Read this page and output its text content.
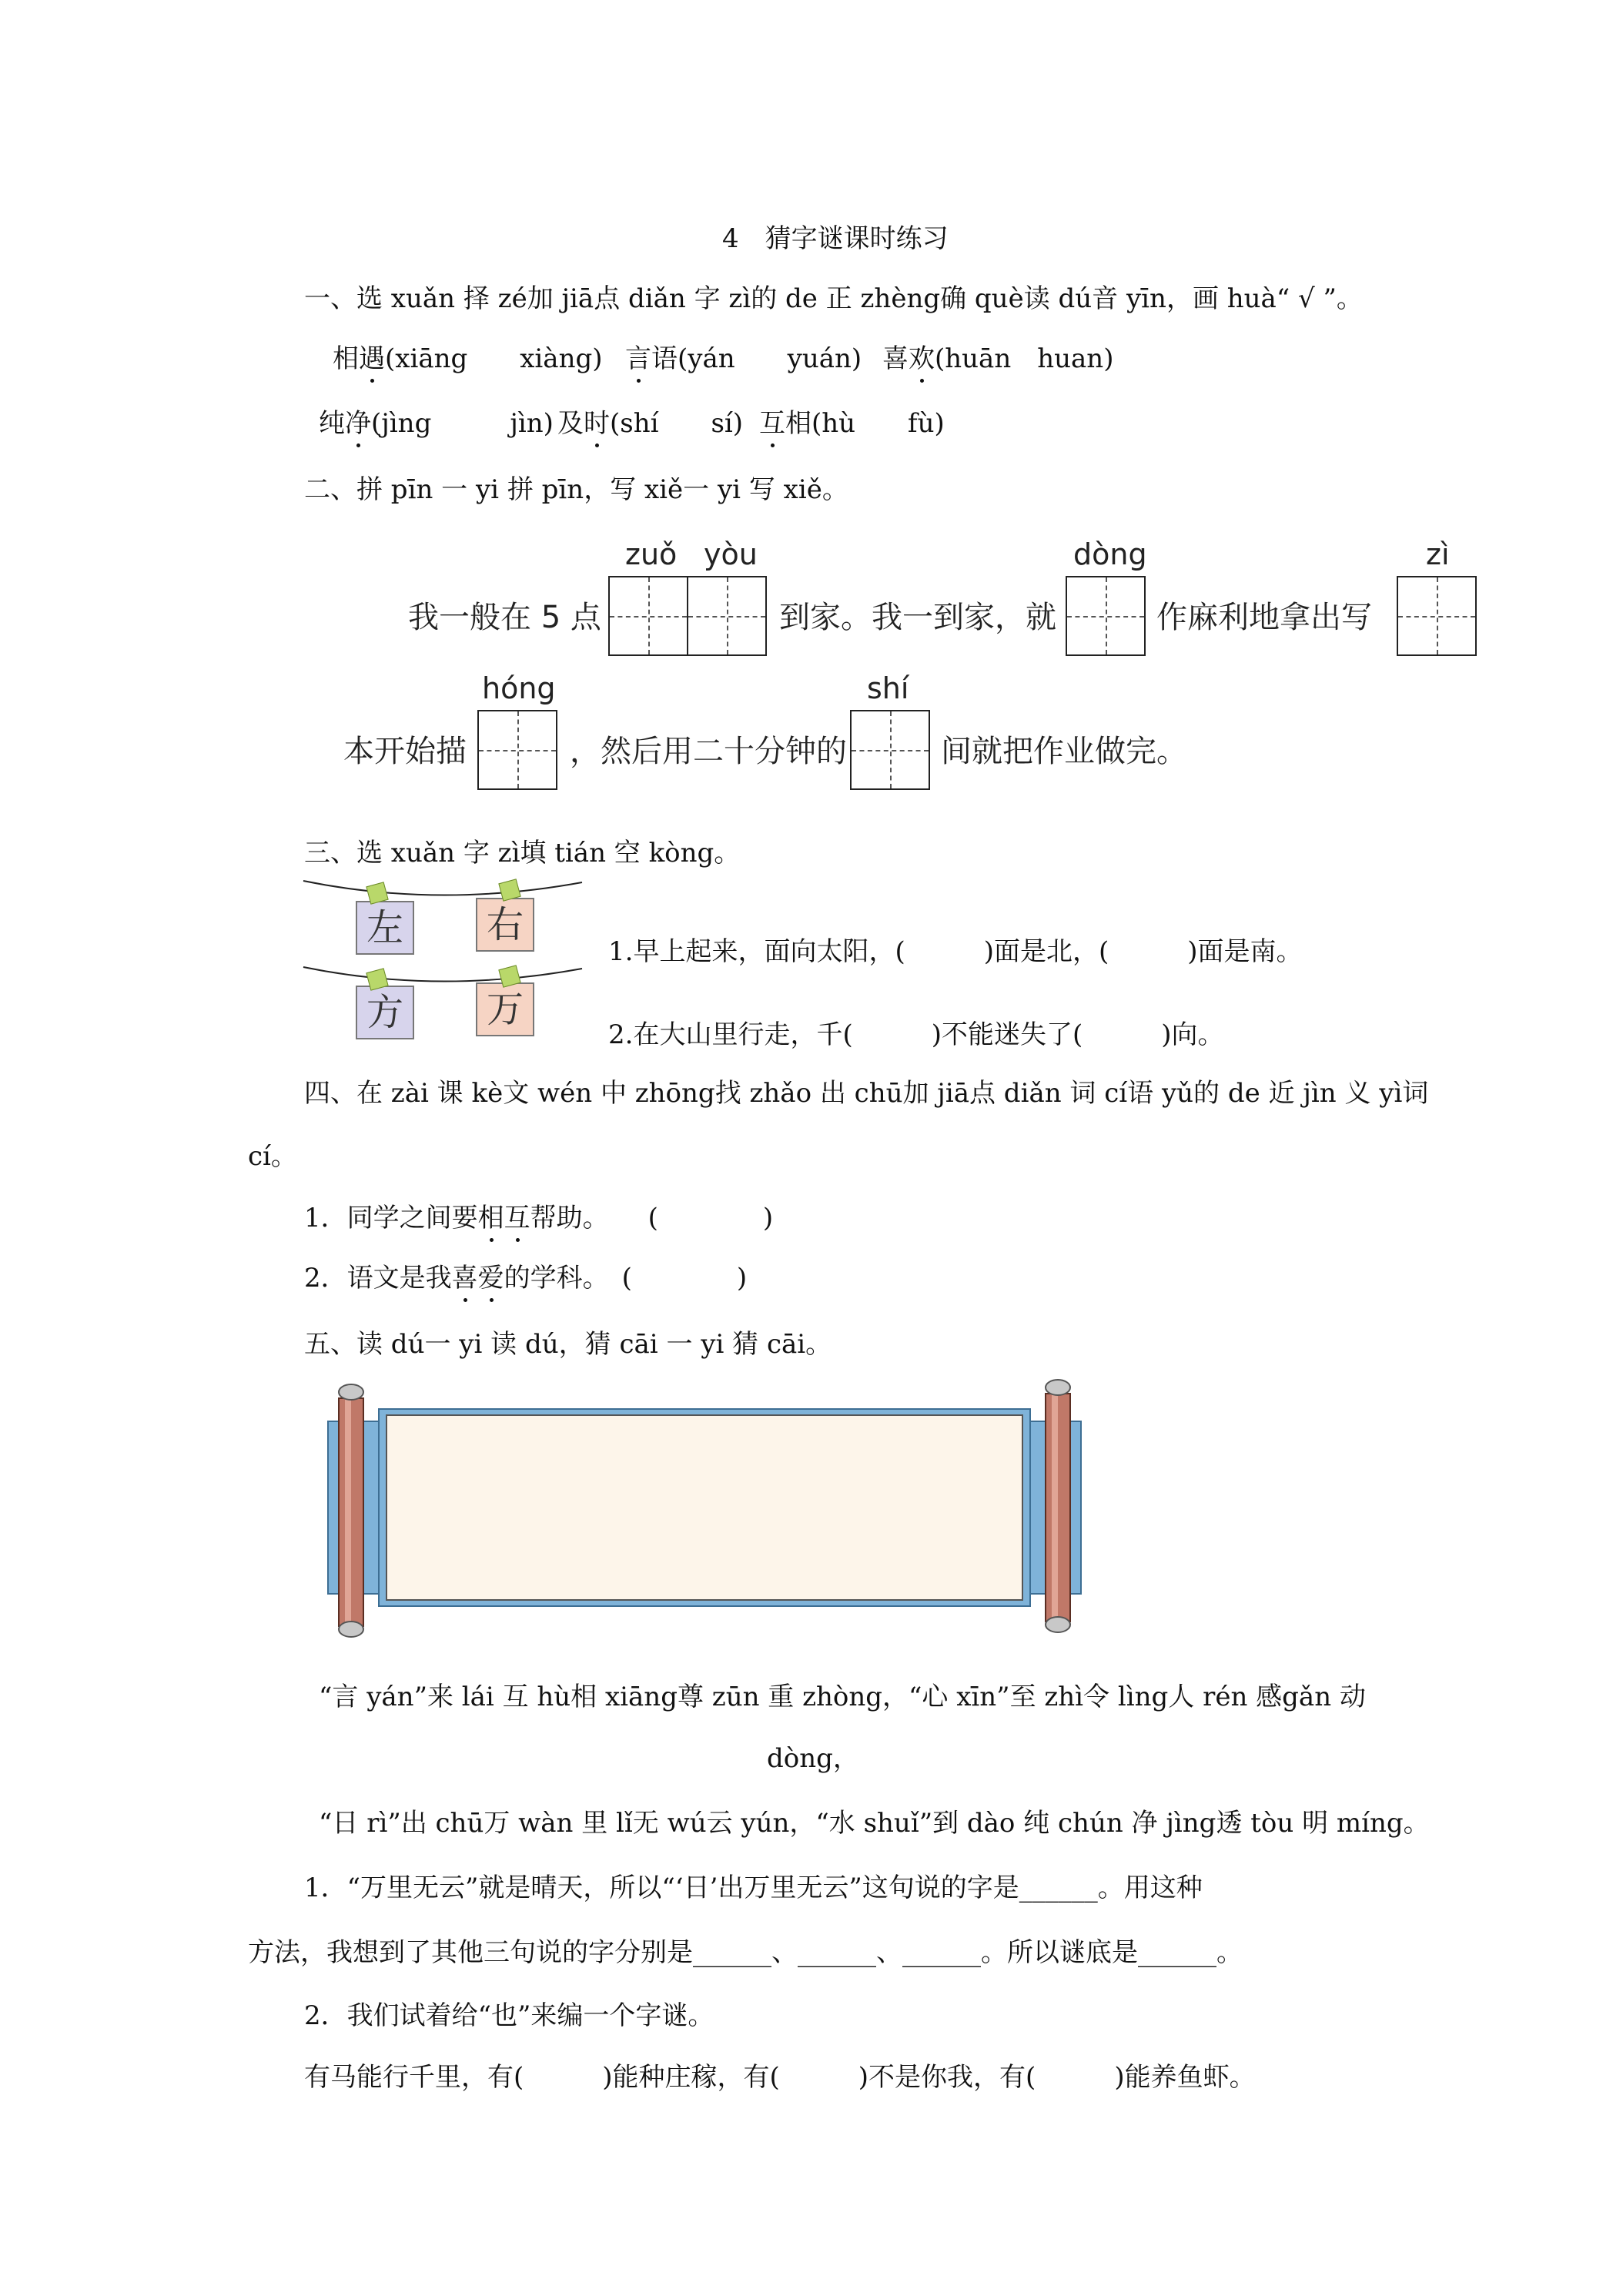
4　猜字谜课时练习
一、选 xuǎn 择 zé加 jiā点 diǎn 字 zì的 de 正 zhèng确 què读 dú音 yīn，画 huà“ √ ”。
相遇(xiāng　　xiàng) 言语(yán　　yuán) 喜欢(huān　huan)
纯净(jìng　　　jìn) 及时(shí　　sí) 互相(hù　　fù)
二、拼 pīn 一 yi 拼 pīn，写 xiě一 yi 写 xiě。
zuǒ yòu	dòng	zì
我一般在 5 点	到家。我一到家，就	作麻利地拿出写
hóng	shí
本开始描	，然后用二十分钟的	间就把作业做完。
三、选 xuǎn 字 zì填 tián 空 kòng。
左 右
方 万
1.早上起来，面向太阳，(　　　)面是北，(　　　)面是南。
2.在大山里行走，千(　　　)不能迷失了(　　　)向。
四、在 zài 课 kè文 wén 中 zhōng找 zhǎo 出 chū加 jiā点 diǎn 词 cí语 yǔ的 de 近 jìn 义 yì词
cí。
1．同学之间要相互帮助。　　(　　　　)
2．语文是我喜爱的学科。　(　　　　)
五、读 dú一 yi 读 dú，猜 cāi 一 yi 猜 cāi。
“言 yán”来 lái 互 hù相 xiāng尊 zūn 重 zhòng，“心 xīn”至 zhì令 lìng人 rén 感gǎn 动
dòng，
“日 rì”出 chū万 wàn 里 lǐ无 wú云 yún，“水 shuǐ”到 dào 纯 chún 净 jìng透 tòu 明 míng。
1．“万里无云”就是晴天，所以“‘日’出万里无云”这句说的字是______。用这种
方法，我想到了其他三句说的字分别是______、______、______。所以谜底是______。
2．我们试着给“也”来编一个字谜。
有马能行千里，有(　　　)能种庄稼，有(　　　)不是你我，有(　　　)能养鱼虾。
